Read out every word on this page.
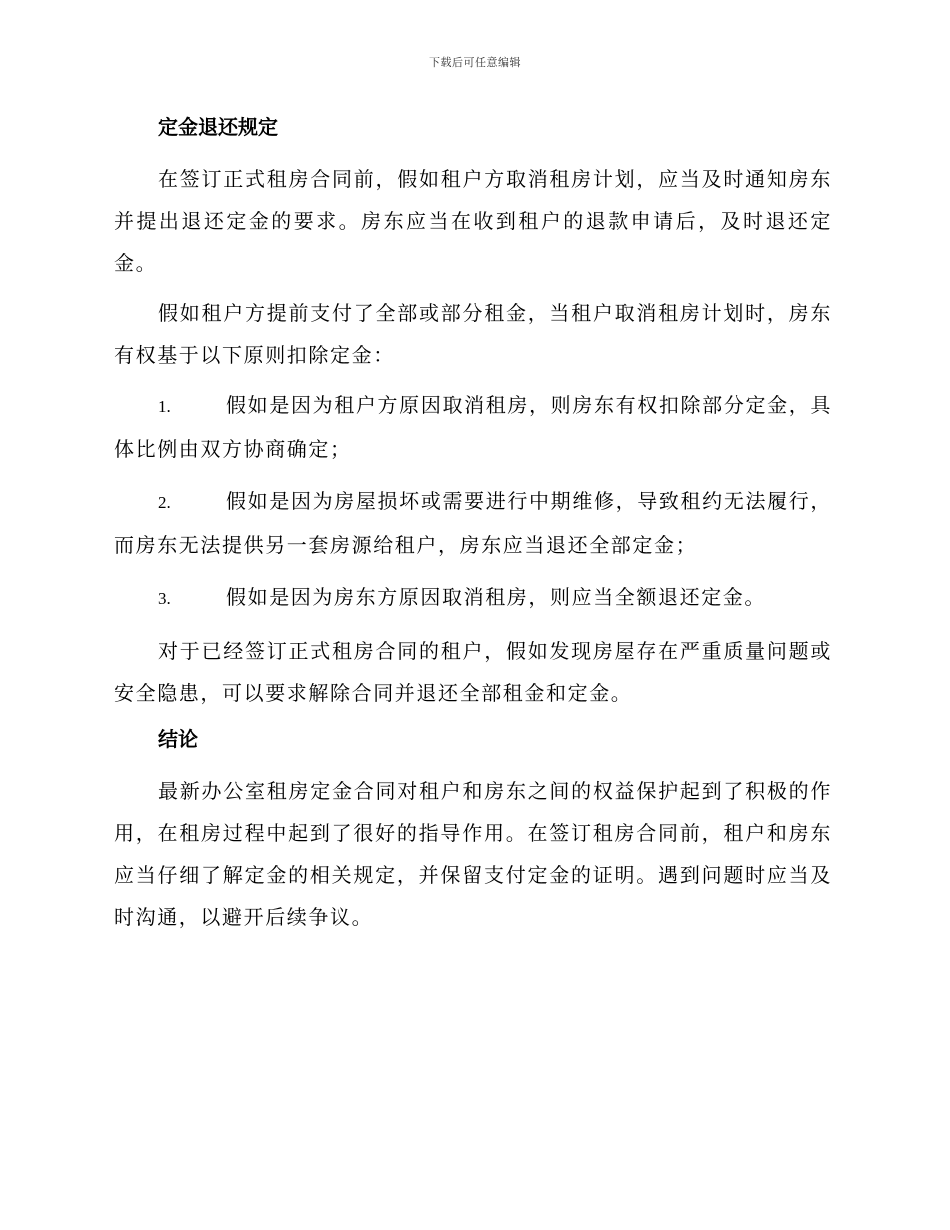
下载后可任意编辑
定金退还规定

在签订正式租房合同前，假如租户方取消租房计划，应当及时通知房东并提出退还定金的要求。房东应当在收到租户的退款申请后，及时退还定金。

假如租户方提前支付了全部或部分租金，当租户取消租房计划时，房东有权基于以下原则扣除定金：

1.	假如是因为租户方原因取消租房，则房东有权扣除部分定金，具体比例由双方协商确定；
2.	假如是因为房屋损坏或需要进行中期维修，导致租约无法履行，而房东无法提供另一套房源给租户，房东应当退还全部定金；
3.	假如是因为房东方原因取消租房，则应当全额退还定金。

对于已经签订正式租房合同的租户，假如发现房屋存在严重质量问题或安全隐患，可以要求解除合同并退还全部租金和定金。

结论

最新办公室租房定金合同对租户和房东之间的权益保护起到了积极的作用，在租房过程中起到了很好的指导作用。在签订租房合同前，租户和房东应当仔细了解定金的相关规定，并保留支付定金的证明。遇到问题时应当及时沟通，以避开后续争议。
